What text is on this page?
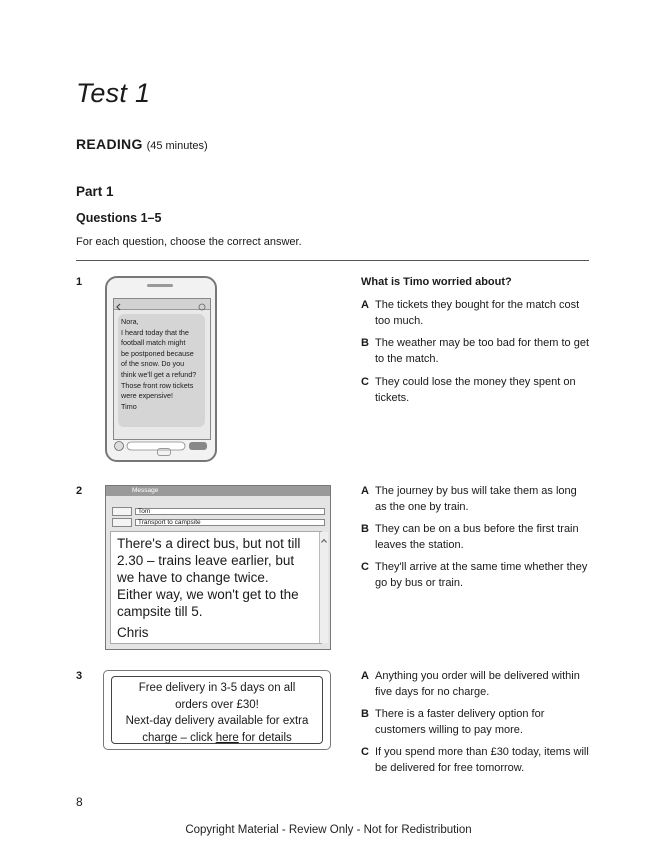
Test 1
READING (45 minutes)
Part 1
Questions 1–5
For each question, choose the correct answer.
1
Nora,
I heard today that the
football match might
be postponed because
of the snow. Do you
think we'll get a refund?
Those front row tickets
were expensive!
Timo
What is Timo worried about?
A The tickets they bought for the match cost too much.
B The weather may be too bad for them to get to the match.
C They could lose the money they spent on tickets.
2	Message
Tom
Transport to campsite
There's a direct bus, but not till 2.30 – trains leave earlier, but we have to change twice. Either way, we won't get to the campsite till 5.
Chris
A The journey by bus will take them as long as the one by train.
B They can be on a bus before the first train leaves the station.
C They'll arrive at the same time whether they go by bus or train.
3
Free delivery in 3-5 days on all orders over £30!
Next-day delivery available for extra charge – click here for details
A Anything you order will be delivered within five days for no charge.
B There is a faster delivery option for customers willing to pay more.
C If you spend more than £30 today, items will be delivered for free tomorrow.
8
Copyright Material - Review Only - Not for Redistribution
